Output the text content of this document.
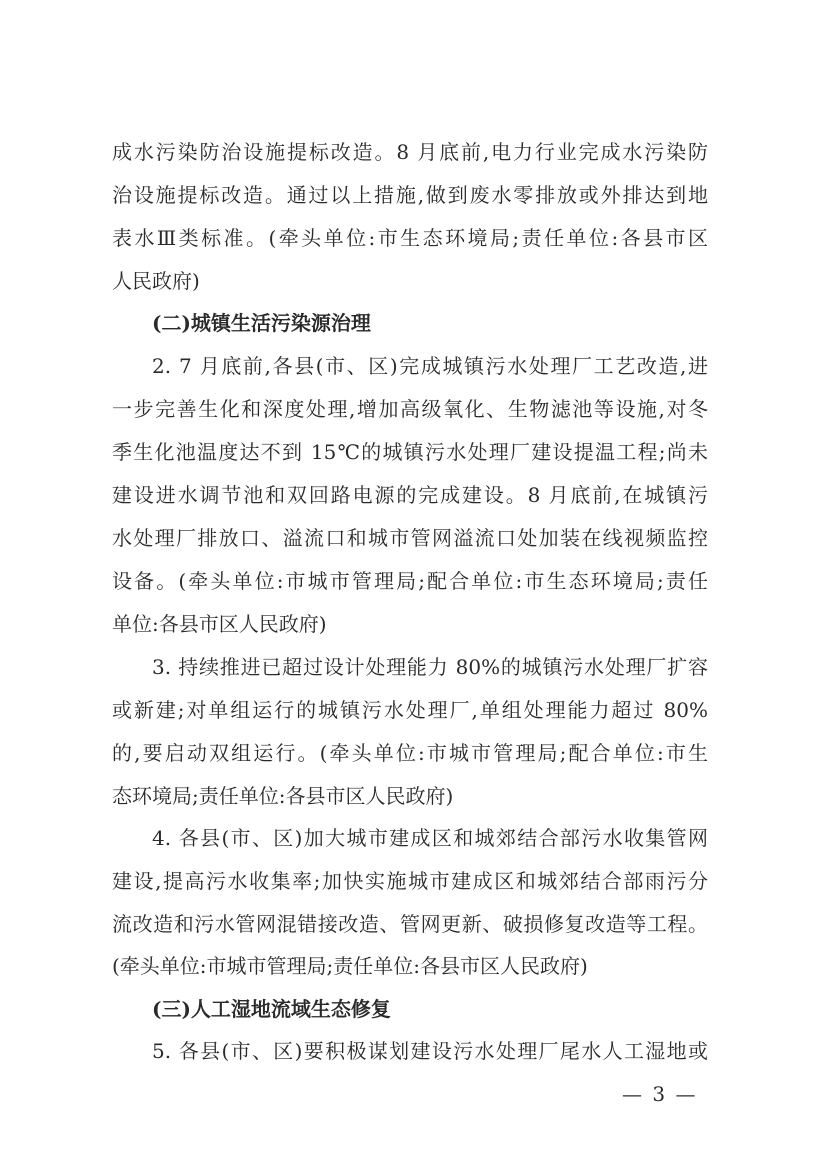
成水污染防治设施提标改造。8 月底前,电力行业完成水污染防
治设施提标改造。通过以上措施,做到废水零排放或外排达到地
表水Ⅲ类标准。(牵头单位:市生态环境局;责任单位:各县市区
人民政府)
(二)城镇生活污染源治理
2. 7 月底前,各县(市、区)完成城镇污水处理厂工艺改造,进
一步完善生化和深度处理,增加高级氧化、生物滤池等设施,对冬
季生化池温度达不到 15℃的城镇污水处理厂建设提温工程;尚未
建设进水调节池和双回路电源的完成建设。8 月底前,在城镇污
水处理厂排放口、溢流口和城市管网溢流口处加装在线视频监控
设备。(牵头单位:市城市管理局;配合单位:市生态环境局;责任
单位:各县市区人民政府)
3. 持续推进已超过设计处理能力 80%的城镇污水处理厂扩容
或新建;对单组运行的城镇污水处理厂,单组处理能力超过 80%
的,要启动双组运行。(牵头单位:市城市管理局;配合单位:市生
态环境局;责任单位:各县市区人民政府)
4. 各县(市、区)加大城市建成区和城郊结合部污水收集管网
建设,提高污水收集率;加快实施城市建成区和城郊结合部雨污分
流改造和污水管网混错接改造、管网更新、破损修复改造等工程。
(牵头单位:市城市管理局;责任单位:各县市区人民政府)
(三)人工湿地流域生态修复
5. 各县(市、区)要积极谋划建设污水处理厂尾水人工湿地或
— 3 —
